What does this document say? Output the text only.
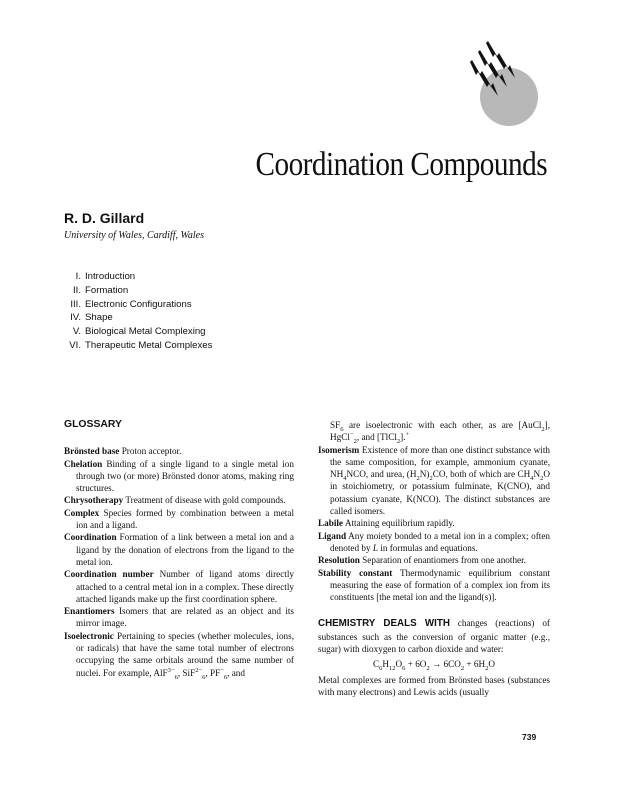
Coordination Compounds
R. D. Gillard
University of Wales, Cardiff, Wales
I. Introduction
II. Formation
III. Electronic Configurations
IV. Shape
V. Biological Metal Complexing
VI. Therapeutic Metal Complexes
GLOSSARY

Brönsted base Proton acceptor.

Chelation Binding of a single ligand to a single metal ion through two (or more) Brönsted donor atoms, making ring structures.

Chrysotherapy Treatment of disease with gold compounds.

Complex Species formed by combination between a metal ion and a ligand.

Coordination Formation of a link between a metal ion and a ligand by the donation of electrons from the ligand to the metal ion.

Coordination number Number of ligand atoms directly attached to a central metal ion in a complex. These directly attached ligands make up the first coordination sphere.

Enantiomers Isomers that are related as an object and its mirror image.

Isoelectronic Pertaining to species (whether molecules, ions, or radicals) that have the same total number of electrons occupying the same orbitals around the same number of nuclei. For example, AlF$^{3-}_6$, SiF$^{2-}_6$, $PF^-_6$, and

$SF_6$ are isoelectronic with each other, as are [AuCl$_2$], HgCl−$_2$, and [TlCl$_2$].+

Isomerism Existence of more than one distinct substance with the same composition, for example, ammonium cyanate, $NH_4NCO$, and urea, $(H_2N)_2CO$, both of which are $CH_4N_2O$ in stoichiometry, or potassium fulminate, K(CNO), and potassium cyanate, K(NCO). The distinct substances are called isomers.

Labile Attaining equilibrium rapidly.

Ligand Any moiety bonded to a metal ion in a complex; often denoted by L in formulas and equations.

Resolution Separation of enantiomers from one another.

Stability constant Thermodynamic equilibrium constant measuring the ease of formation of a complex ion from its constituents [the metal ion and the ligand(s)].

CHEMISTRY DEALS WITH changes (reactions) of substances such as the conversion of organic matter (e.g., sugar) with dioxygen to carbon dioxide and water:

$C_6H_{12}O_6 + 6O_2 \to 6CO_2 + 6H_2O$

Metal complexes are formed from Brönsted bases (substances with many electrons) and Lewis acids (usually

739
